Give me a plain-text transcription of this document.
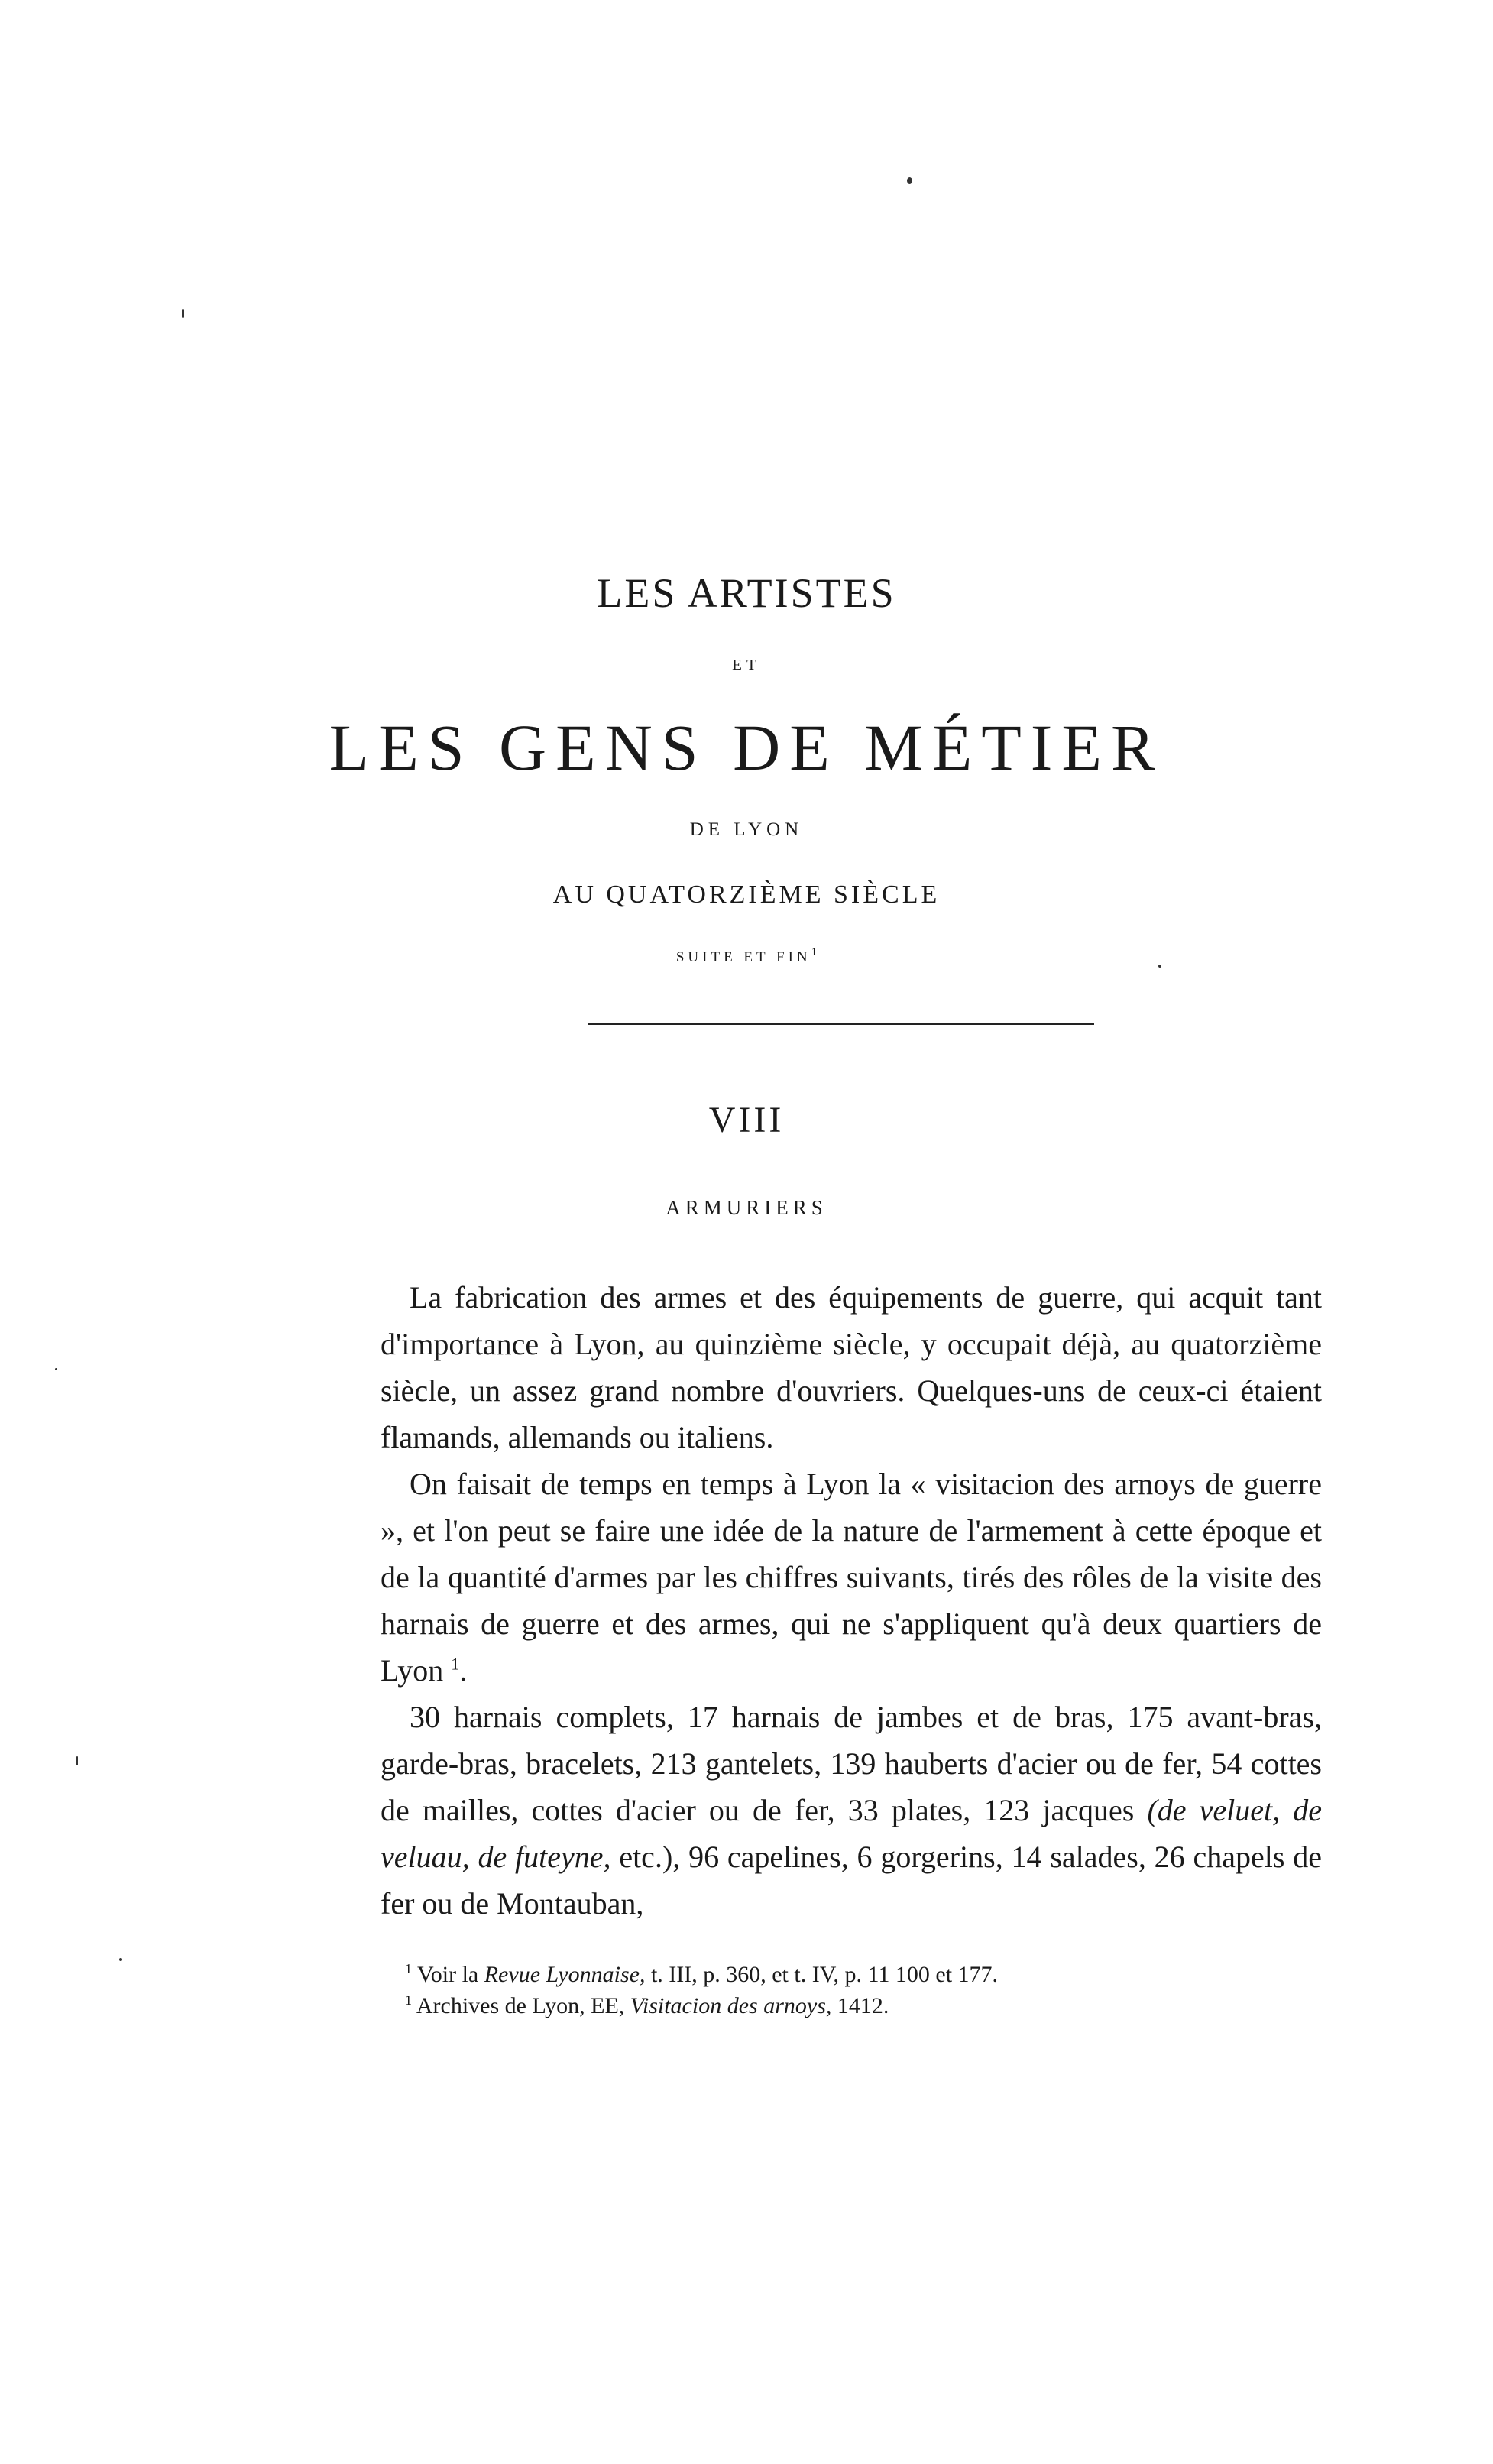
LES ARTISTES
ET
LES GENS DE MÉTIER
DE LYON
AU QUATORZIÈME SIÈCLE
— SUITE ET FIN$^1$ —
VIII
ARMURIERS

La fabrication des armes et des équipements de guerre, qui acquit tant d'importance à Lyon, au quinzième siècle, y occupait déjà, au quatorzième siècle, un assez grand nombre d'ouvriers. Quelques-uns de ceux-ci étaient flamands, allemands ou italiens.

On faisait de temps en temps à Lyon la « visitacion des arnoys de guerre », et l'on peut se faire une idée de la nature de l'armement à cette époque et de la quantité d'armes par les chiffres suivants, tirés des rôles de la visite des harnais de guerre et des armes, qui ne s'appliquent qu'à deux quartiers de Lyon $^1$.

30 harnais complets, 17 harnais de jambes et de bras, 175 avant-bras, garde-bras, bracelets, 213 gantelets, 139 hauberts d'acier ou de fer, 54 cottes de mailles, cottes d'acier ou de fer, 33 plates, 123 jacques (de veluet, de veluau, de futeyne, etc.), 96 capelines, 6 gorgerins, 14 salades, 26 chapels de fer ou de Montauban,

$^1$ Voir la Revue Lyonnaise, t. III, p. 360, et t. IV, p. 11 100 et 177.

$^1$ Archives de Lyon, EE, Visitacion des arnoys, 1412.
